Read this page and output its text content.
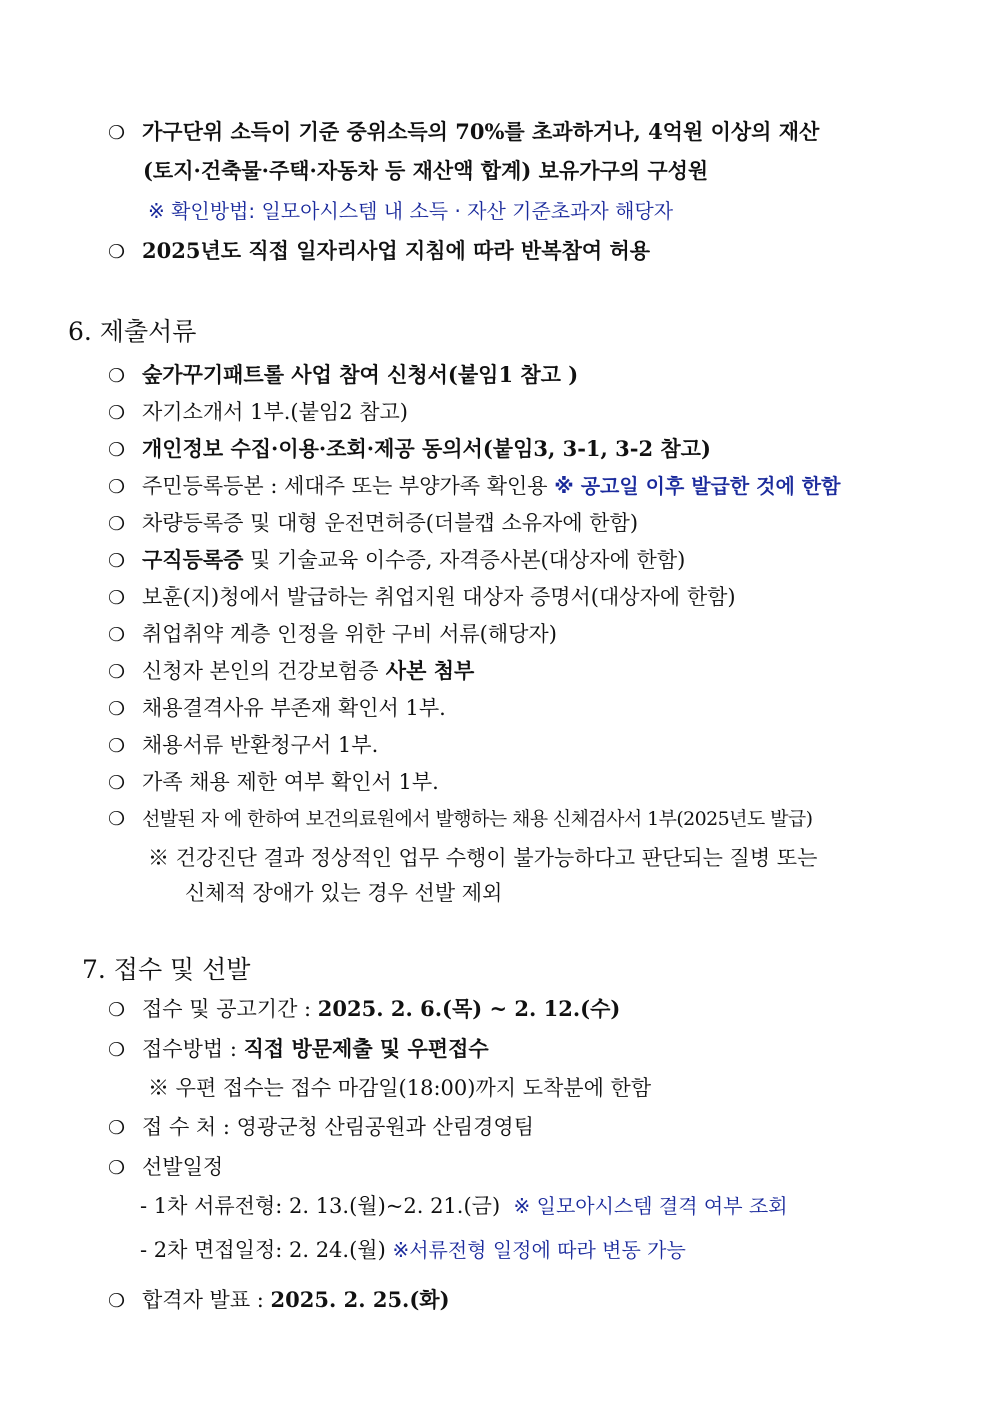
❍ 가구단위 소득이 기준 중위소득의 70%를 초과하거나, 4억원 이상의 재산
(토지·건축물·주택·자동차 등 재산액 합계) 보유가구의 구성원
※ 확인방법: 일모아시스템 내 소득 · 자산 기준초과자 해당자
❍ 2025년도 직접 일자리사업 지침에 따라 반복참여 허용
6. 제출서류
❍ 숲가꾸기패트롤 사업 참여 신청서(붙임1 참고 )
❍ 자기소개서 1부.(붙임2 참고)
❍ 개인정보 수집·이용·조회·제공 동의서(붙임3, 3-1, 3-2 참고)
❍ 주민등록등본 : 세대주 또는 부양가족 확인용 ※ 공고일 이후 발급한 것에 한함
❍ 차량등록증 및 대형 운전면허증(더블캡 소유자에 한함)
❍ 구직등록증 및 기술교육 이수증, 자격증사본(대상자에 한함)
❍ 보훈(지)청에서 발급하는 취업지원 대상자 증명서(대상자에 한함)
❍ 취업취약 계층 인정을 위한 구비 서류(해당자)
❍ 신청자 본인의 건강보험증 사본 첨부
❍ 채용결격사유 부존재 확인서 1부.
❍ 채용서류 반환청구서 1부.
❍ 가족 채용 제한 여부 확인서 1부.
❍ 선발된 자 에 한하여 보건의료원에서 발행하는 채용 신체검사서 1부(2025년도 발급)
※ 건강진단 결과 정상적인 업무 수행이 불가능하다고 판단되는 질병 또는
신체적 장애가 있는 경우 선발 제외
7. 접수 및 선발
❍ 접수 및 공고기간 : 2025. 2. 6.(목) ~ 2. 12.(수)
❍ 접수방법 : 직접 방문제출 및 우편접수
※ 우편 접수는 접수 마감일(18:00)까지 도착분에 한함
❍ 접 수 처 : 영광군청 산림공원과 산림경영팀
❍ 선발일정
- 1차 서류전형: 2. 13.(월)~2. 21.(금) ※ 일모아시스템 결격 여부 조회
- 2차 면접일정: 2. 24.(월) ※서류전형 일정에 따라 변동 가능
❍ 합격자 발표 : 2025. 2. 25.(화)
